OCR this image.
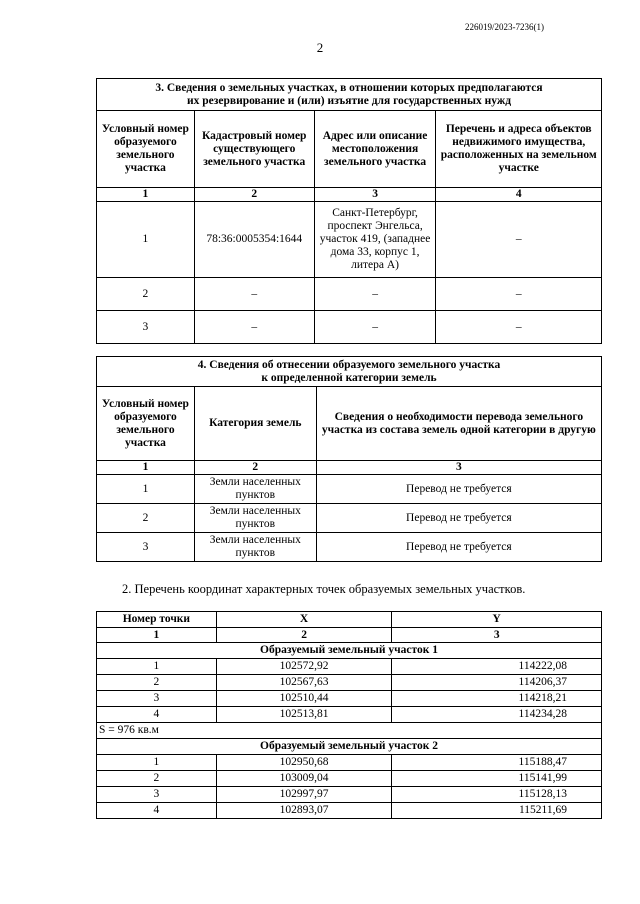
226019/2023-7236(1)
2
3. Сведения о земельных участках, в отношении которых предполагаются
их резервирование и (или) изъятие для государственных нужд			
Условный номер образуемого земельного участка	Кадастровый номер существующего земельного участка	Адрес или описание местоположения земельного участка	Перечень и адреса объектов недвижимого имущества, расположенных на земельном участке
1	2	3	4
1	78:36:0005354:1644	Санкт-Петербург, проспект Энгельса, участок 419, (западнее дома 33, корпус 1, литера А)	–
2	–	–	–
3	–	–	–
4. Сведения об отнесении образуемого земельного участка
к определенной категории земель		
Условный номер образуемого земельного участка	Категория земель	Сведения о необходимости перевода земельного участка из состава земель одной категории в другую
1	2	3
1	Земли населенных пунктов	Перевод не требуется
2	Земли населенных пунктов	Перевод не требуется
3	Земли населенных пунктов	Перевод не требуется
2. Перечень координат характерных точек образуемых земельных участков.
Номер точки	X	Y
1	2	3
Образуемый земельный участок 1		
1	102572,92	114222,08
2	102567,63	114206,37
3	102510,44	114218,21
4	102513,81	114234,28
S = 976 кв.м		
Образуемый земельный участок 2		
1	102950,68	115188,47
2	103009,04	115141,99
3	102997,97	115128,13
4	102893,07	115211,69
